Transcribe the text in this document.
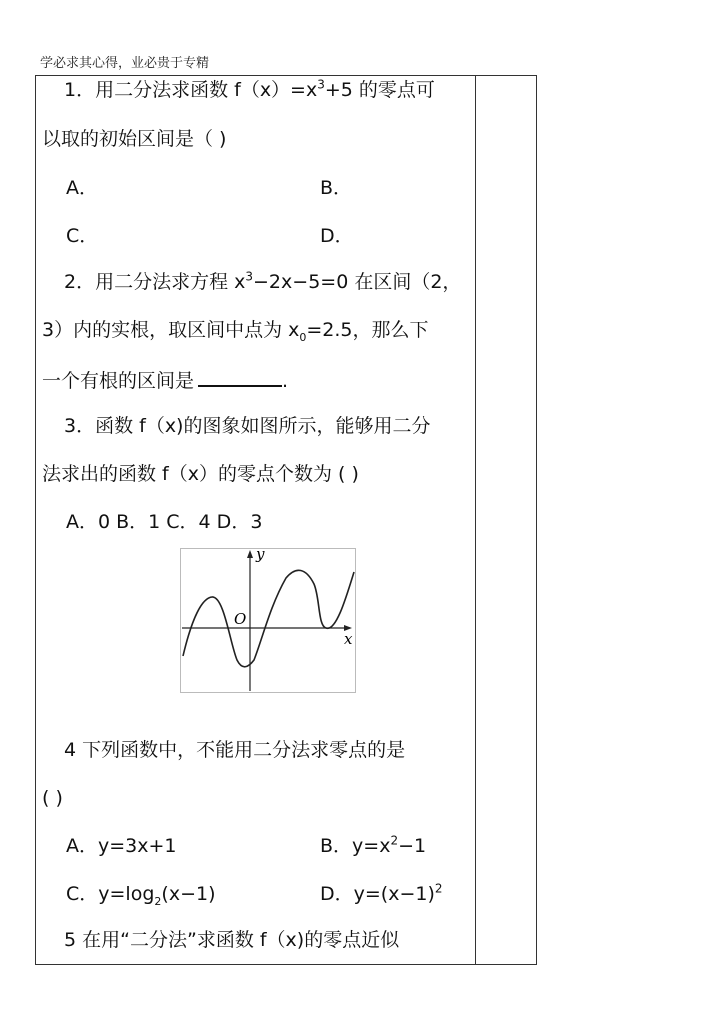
学必求其心得，业必贵于专精
1．用二分法求函数 $f(x)=x^3+5$ 的零点可
以取的初始区间是（ )
A．	B．
C．	D．
2．用二分法求方程 $x^3-2x-5=0$ 在区间（2，
3）内的实根，取区间中点为 $x_0=2.5$，那么下
一个有根的区间是	.
3．函数 f（x)的图象如图所示，能够用二分
法求出的函数 f（x）的零点个数为 ( )
A．0 B．1 C．4 D．3
y
x
O
4 下列函数中，不能用二分法求零点的是
( )
A．y=3x+1	B．$y=x^2-1$
C．$y=\log_2(x-1)$	D．$y=(x-1)^2$
5 在用“二分法”求函数 f（x)的零点近似
